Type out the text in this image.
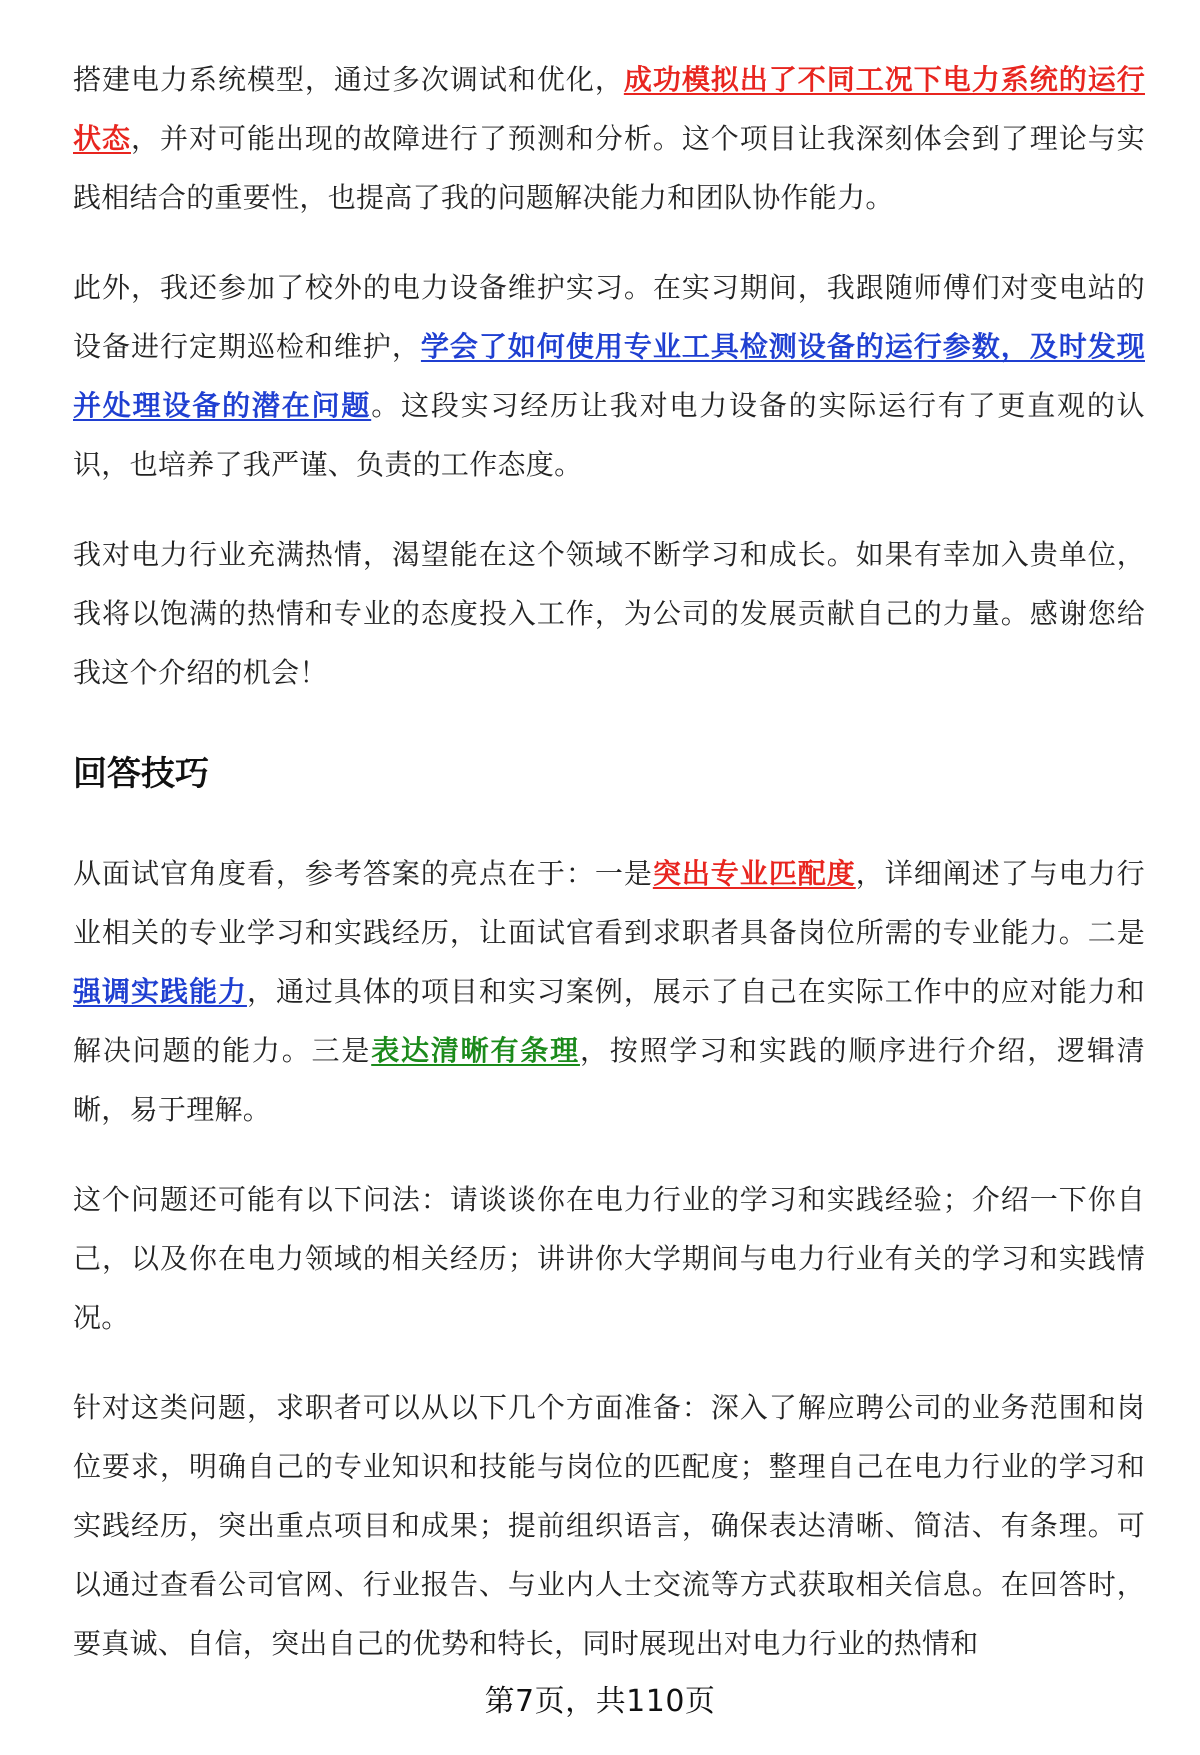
搭建电力系统模型，通过多次调试和优化，成功模拟出了不同工况下电力系统的运行状态，并对可能出现的故障进行了预测和分析。这个项目让我深刻体会到了理论与实践相结合的重要性，也提高了我的问题解决能力和团队协作能力。

此外，我还参加了校外的电力设备维护实习。在实习期间，我跟随师傅们对变电站的设备进行定期巡检和维护，学会了如何使用专业工具检测设备的运行参数，及时发现并处理设备的潜在问题。这段实习经历让我对电力设备的实际运行有了更直观的认识，也培养了我严谨、负责的工作态度。

我对电力行业充满热情，渴望能在这个领域不断学习和成长。如果有幸加入贵单位，我将以饱满的热情和专业的态度投入工作，为公司的发展贡献自己的力量。感谢您给我这个介绍的机会！

回答技巧

从面试官角度看，参考答案的亮点在于：一是突出专业匹配度，详细阐述了与电力行业相关的专业学习和实践经历，让面试官看到求职者具备岗位所需的专业能力。二是强调实践能力，通过具体的项目和实习案例，展示了自己在实际工作中的应对能力和解决问题的能力。三是表达清晰有条理，按照学习和实践的顺序进行介绍，逻辑清晰，易于理解。

这个问题还可能有以下问法：请谈谈你在电力行业的学习和实践经验；介绍一下你自己，以及你在电力领域的相关经历；讲讲你大学期间与电力行业有关的学习和实践情况。

针对这类问题，求职者可以从以下几个方面准备：深入了解应聘公司的业务范围和岗位要求，明确自己的专业知识和技能与岗位的匹配度；整理自己在电力行业的学习和实践经历，突出重点项目和成果；提前组织语言，确保表达清晰、简洁、有条理。可以通过查看公司官网、行业报告、与业内人士交流等方式获取相关信息。在回答时，要真诚、自信，突出自己的优势和特长，同时展现出对电力行业的热情和

第7页，共110页
